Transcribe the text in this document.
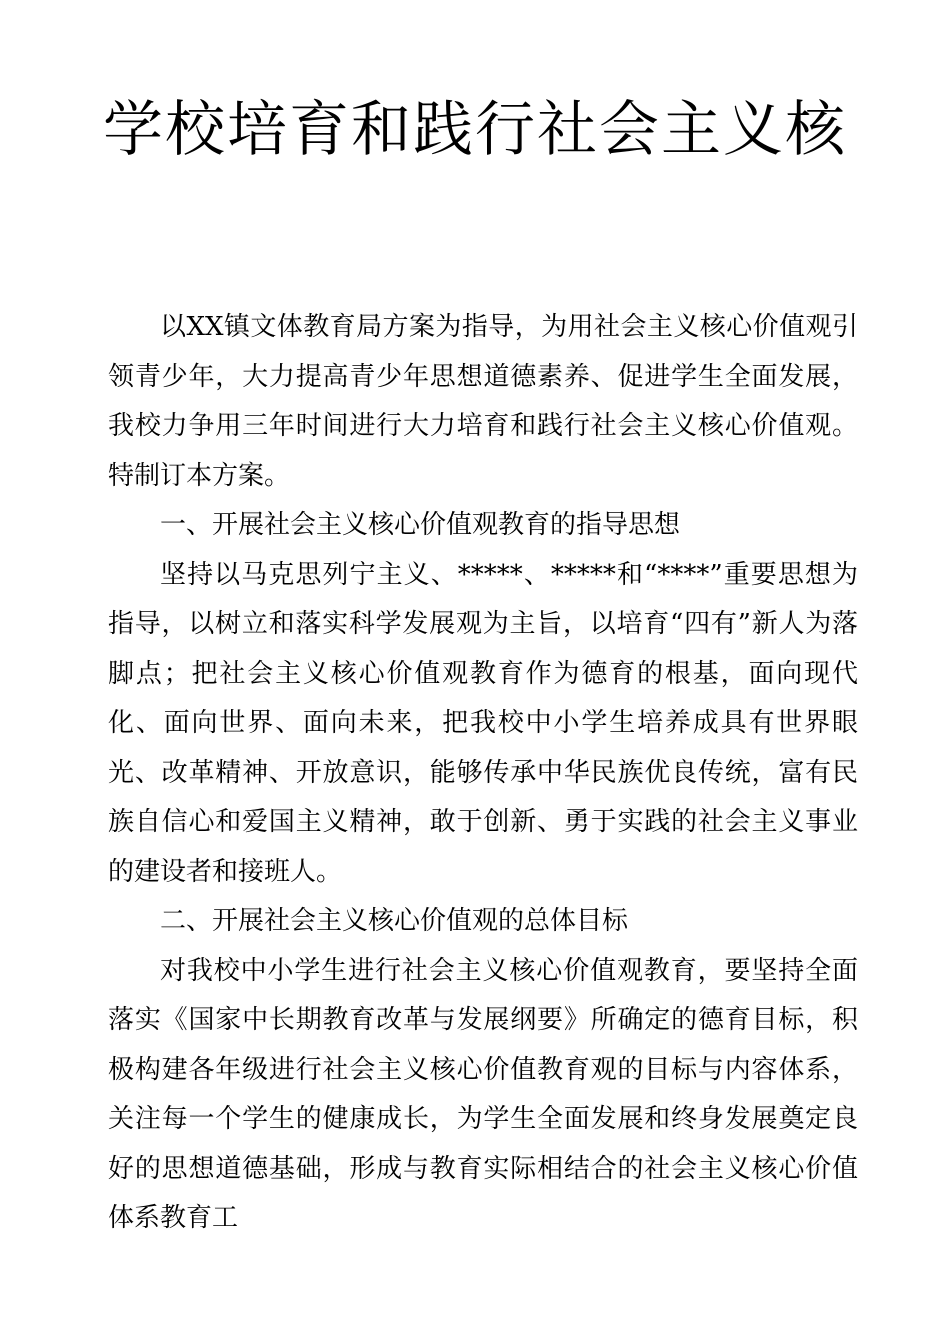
学校培育和践行社会主义核

以XX镇文体教育局方案为指导，为用社会主义核心价值观引领青少年，大力提高青少年思想道德素养、促进学生全面发展，我校力争用三年时间进行大力培育和践行社会主义核心价值观。特制订本方案。

一、开展社会主义核心价值观教育的指导思想

坚持以马克思列宁主义、*****、*****和“****”重要思想为指导，以树立和落实科学发展观为主旨，以培育“四有”新人为落脚点；把社会主义核心价值观教育作为德育的根基，面向现代化、面向世界、面向未来，把我校中小学生培养成具有世界眼光、改革精神、开放意识，能够传承中华民族优良传统，富有民族自信心和爱国主义精神，敢于创新、勇于实践的社会主义事业的建设者和接班人。

二、开展社会主义核心价值观的总体目标

对我校中小学生进行社会主义核心价值观教育，要坚持全面落实《国家中长期教育改革与发展纲要》所确定的德育目标，积极构建各年级进行社会主义核心价值教育观的目标与内容体系，关注每一个学生的健康成长，为学生全面发展和终身发展奠定良好的思想道德基础，形成与教育实际相结合的社会主义核心价值体系教育工
